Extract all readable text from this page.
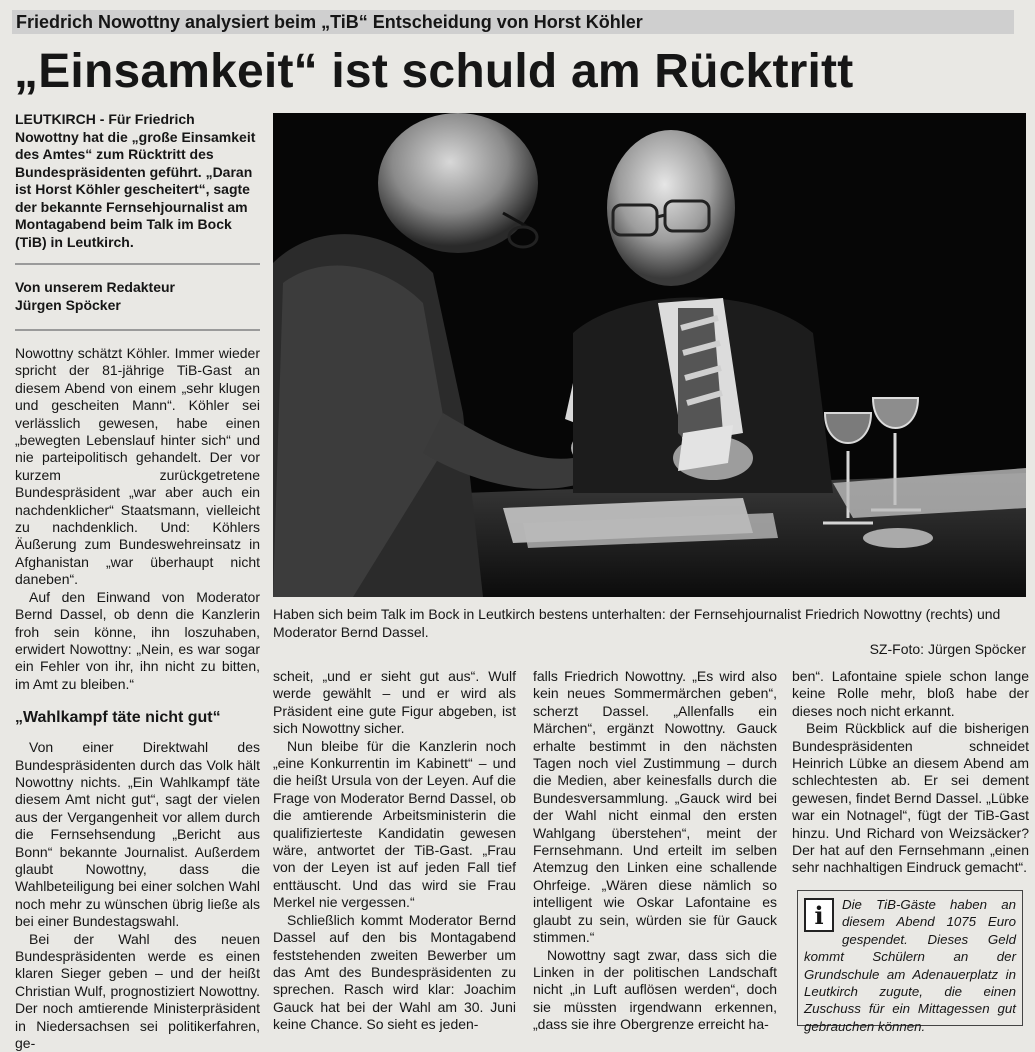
Friedrich Nowottny analysiert beim „TiB“ Entscheidung von Horst Köhler
„Einsamkeit“ ist schuld am Rücktritt

LEUTKIRCH - Für Friedrich Nowottny hat die „große Einsamkeit des Amtes“ zum Rücktritt des Bundespräsidenten geführt. „Daran ist Horst Köhler gescheitert“, sagte der bekannte Fernsehjournalist am Montagabend beim Talk im Bock (TiB) in Leutkirch.

Von unserem Redakteur
Jürgen Spöcker

Nowottny schätzt Köhler. Immer wieder spricht der 81-jährige TiB-Gast an diesem Abend von einem „sehr klugen und gescheiten Mann“. Köhler sei verlässlich gewesen, habe einen „bewegten Lebenslauf hinter sich“ und nie parteipolitisch gehandelt. Der vor kurzem zurückgetretene Bundespräsident „war aber auch ein nachdenklicher“ Staatsmann, vielleicht zu nachdenklich. Und: Köhlers Äußerung zum Bundeswehreinsatz in Afghanistan „war überhaupt nicht daneben“.

Auf den Einwand von Moderator Bernd Dassel, ob denn die Kanzlerin froh sein könne, ihn loszuhaben, erwidert Nowottny: „Nein, es war sogar ein Fehler von ihr, ihn nicht zu bitten, im Amt zu bleiben.“

„Wahlkampf täte nicht gut“

Von einer Direktwahl des Bundespräsidenten durch das Volk hält Nowottny nichts. „Ein Wahlkampf täte diesem Amt nicht gut“, sagt der vielen aus der Vergangenheit vor allem durch die Fernsehsendung „Bericht aus Bonn“ bekannte Journalist. Außerdem glaubt Nowottny, dass die Wahlbeteiligung bei einer solchen Wahl noch mehr zu wünschen übrig ließe als bei einer Bundestagswahl.

Bei der Wahl des neuen Bundespräsidenten werde es einen klaren Sieger geben – und der heißt Christian Wulf, prognostiziert Nowottny. Der noch amtierende Ministerpräsident in Niedersachsen sei politikerfahren, ge-

Haben sich beim Talk im Bock in Leutkirch bestens unterhalten: der Fernsehjournalist Friedrich Nowottny (rechts) und Moderator Bernd Dassel.
SZ-Foto: Jürgen Spöcker

scheit, „und er sieht gut aus“. Wulf werde gewählt – und er wird als Präsident eine gute Figur abgeben, ist sich Nowottny sicher.

Nun bleibe für die Kanzlerin noch „eine Konkurrentin im Kabinett“ – und die heißt Ursula von der Leyen. Auf die Frage von Moderator Bernd Dassel, ob die amtierende Arbeitsministerin die qualifizierteste Kandidatin gewesen wäre, antwortet der TiB-Gast. „Frau von der Leyen ist auf jeden Fall tief enttäuscht. Und das wird sie Frau Merkel nie vergessen.“

Schließlich kommt Moderator Bernd Dassel auf den bis Montagabend feststehenden zweiten Bewerber um das Amt des Bundespräsidenten zu sprechen. Rasch wird klar: Joachim Gauck hat bei der Wahl am 30. Juni keine Chance. So sieht es jeden-

falls Friedrich Nowottny. „Es wird also kein neues Sommermärchen geben“, scherzt Dassel. „Allenfalls ein Märchen“, ergänzt Nowottny. Gauck erhalte bestimmt in den nächsten Tagen noch viel Zustimmung – durch die Medien, aber keinesfalls durch die Bundesversammlung. „Gauck wird bei der Wahl nicht einmal den ersten Wahlgang überstehen“, meint der Fernsehmann. Und erteilt im selben Atemzug den Linken eine schallende Ohrfeige. „Wären diese nämlich so intelligent wie Oskar Lafontaine es glaubt zu sein, würden sie für Gauck stimmen.“

Nowottny sagt zwar, dass sich die Linken in der politischen Landschaft nicht „in Luft auflösen werden“, doch sie müssten irgendwann erkennen, „dass sie ihre Obergrenze erreicht ha-

ben“. Lafontaine spiele schon lange keine Rolle mehr, bloß habe der dieses noch nicht erkannt.

Beim Rückblick auf die bisherigen Bundespräsidenten schneidet Heinrich Lübke an diesem Abend am schlechtesten ab. Er sei dement gewesen, findet Bernd Dassel. „Lübke war ein Notnagel“, fügt der TiB-Gast hinzu. Und Richard von Weizsäcker? Der hat auf den Fernsehmann „einen sehr nachhaltigen Eindruck gemacht“.

i	Die TiB-Gäste haben an diesem Abend 1075 Euro gespendet. Dieses Geld kommt Schülern an der Grundschule am Adenauerplatz in Leutkirch zugute, die einen Zuschuss für ein Mittagessen gut gebrauchen können.
